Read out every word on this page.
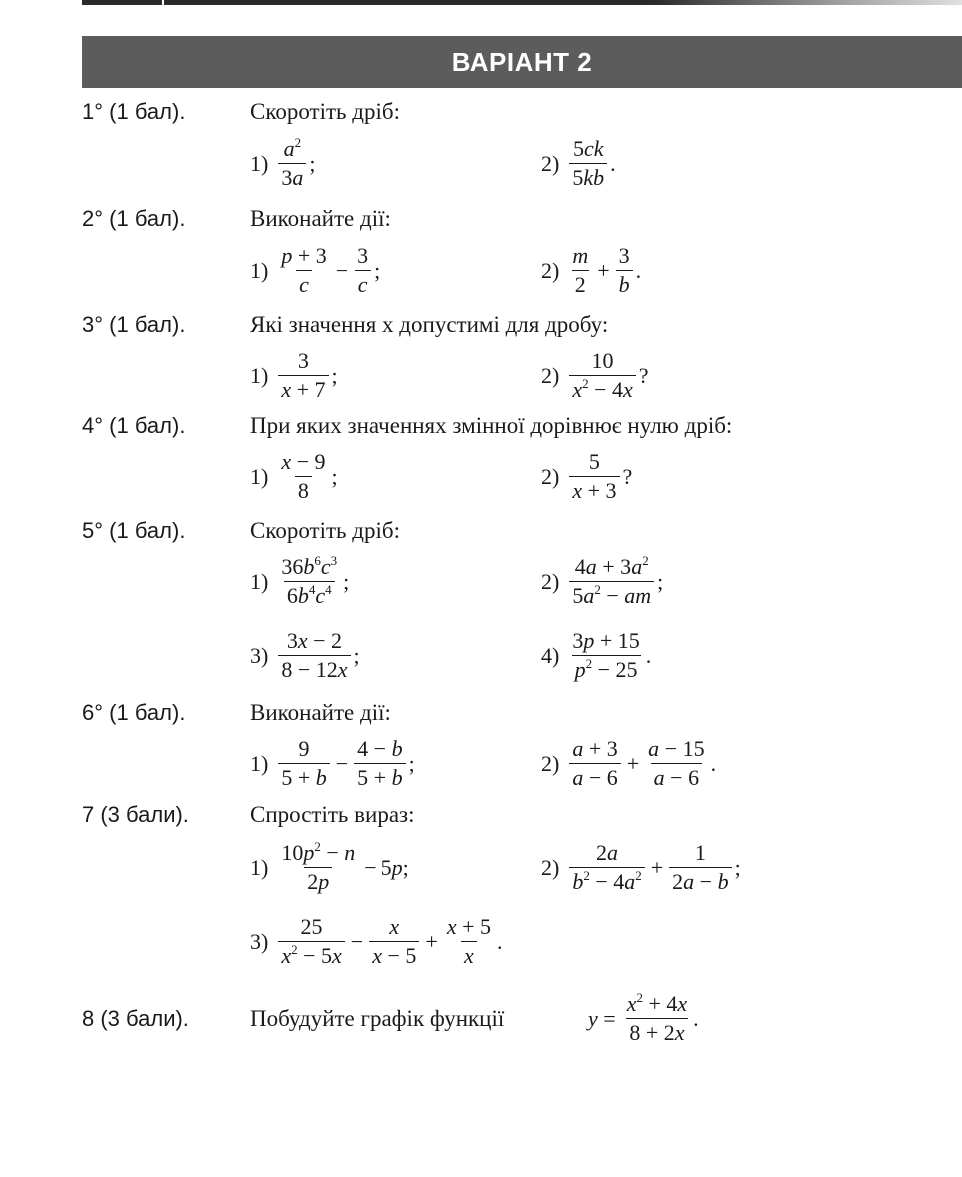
ВАРІАНТ 2
1° (1 бал).	Скоротіть дріб:
$1) \frac{a^2}{3a}$ ;	$2) \frac{5ck}{5kb}$ .
2° (1 бал).	Виконайте дії:
$1) \frac{p + 3}{c} - \frac{3}{c}$ ;	$2) \frac{m}{2} + \frac{3}{b}$ .
3° (1 бал).	Які значення x допустимі для дробу:
$1) \frac{3}{x + 7}$ ;	$2) \frac{10}{x^2 - 4x}$ ?
4° (1 бал).	При яких значеннях змінної дорівнює нулю дріб:
$1) \frac{x - 9}{8}$ ;	$2) \frac{5}{x + 3}$ ?
5° (1 бал).	Скоротіть дріб:
$1) \frac{36b^6c^3}{6b^4c^4}$ ;	$2) \frac{4a + 3a^2}{5a^2 - am}$ ;
$3) \frac{3x - 2}{8 - 12x}$ ;	$4) \frac{3p + 15}{p^2 - 25}$ .
6° (1 бал).	Виконайте дії:
$1) \frac{9}{5 + b} - \frac{4 - b}{5 + b}$ ;	$2) \frac{a + 3}{a - 6} + \frac{a - 15}{a - 6}$ .
7 (3 бали).	Спростіть вираз:
$1) \frac{10p^2 - n}{2p} - 5p$;	$2) \frac{2a}{b^2 - 4a^2} + \frac{1}{2a - b}$ ;
$3) \frac{25}{x^2 - 5x} - \frac{x}{x - 5} + \frac{x + 5}{x}$ .
8 (3 бали).	Побудуйте графік функції	$y = \frac{x^2 + 4x}{8 + 2x}$ .
